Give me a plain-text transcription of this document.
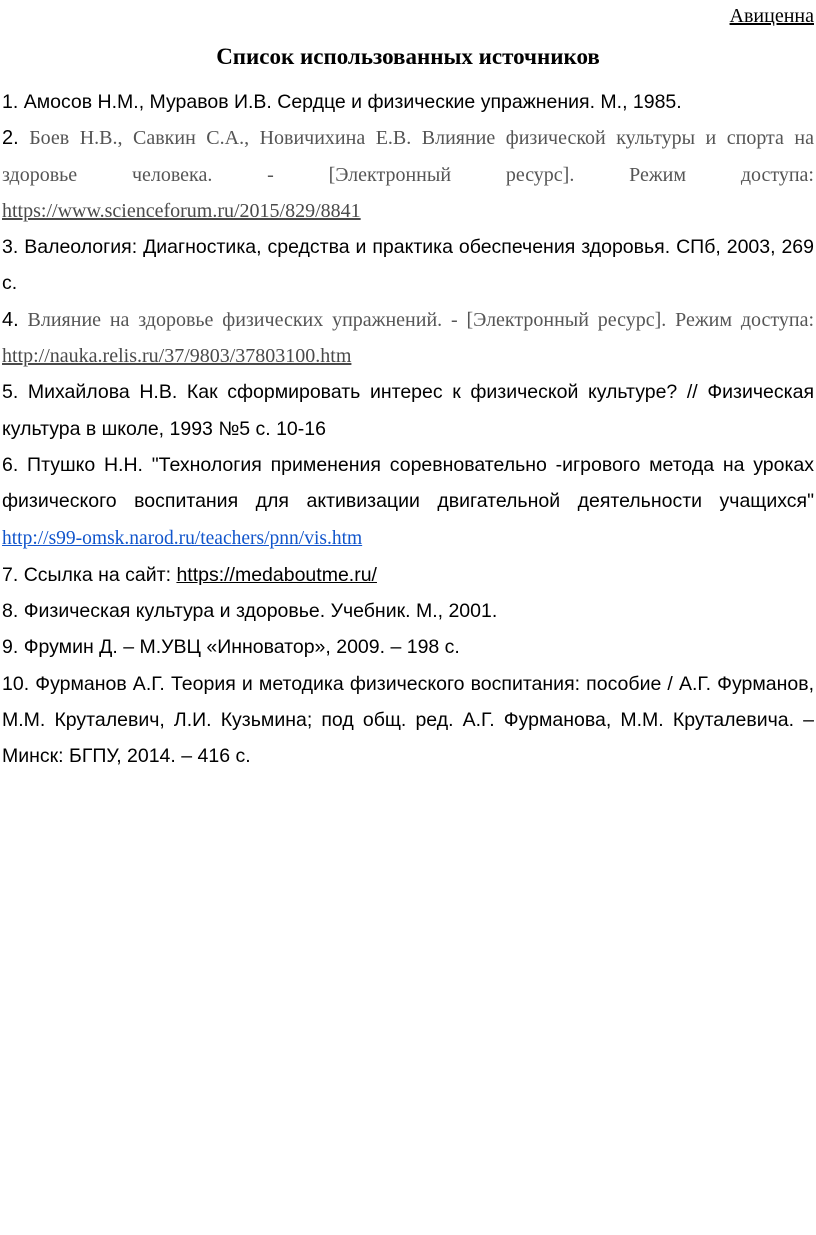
Авиценна
Список использованных источников
1. Амосов Н.М., Муравов И.В. Сердце и физические упражнения. М., 1985.
2. Боев Н.В., Савкин С.А., Новичихина Е.В. Влияние физической культуры и спорта на здоровье человека. - [Электронный ресурс]. Режим доступа: https://www.scienceforum.ru/2015/829/8841
3. Валеология: Диагностика, средства и практика обеспечения здоровья. СПб, 2003, 269 с.
4. Влияние на здоровье физических упражнений. - [Электронный ресурс]. Режим доступа: http://nauka.relis.ru/37/9803/37803100.htm
5. Михайлова Н.В. Как сформировать интерес к физической культуре? // Физическая культура в школе, 1993 №5 с. 10-16
6. Птушко Н.Н. "Технология применения соревновательно -игрового метода на уроках физического воспитания для активизации двигательной деятельности учащихся" http://s99-omsk.narod.ru/teachers/pnn/vis.htm
7. Ссылка на сайт: https://medaboutme.ru/
8. Физическая культура и здоровье. Учебник. М., 2001.
9. Фрумин Д. – М.УВЦ «Инноватор», 2009. – 198 с.
10. Фурманов А.Г. Теория и методика физического воспитания: пособие / А.Г. Фурманов, М.М. Круталевич, Л.И. Кузьмина; под общ. ред. А.Г. Фурманова, М.М. Круталевича. – Минск: БГПУ, 2014. – 416 с.
